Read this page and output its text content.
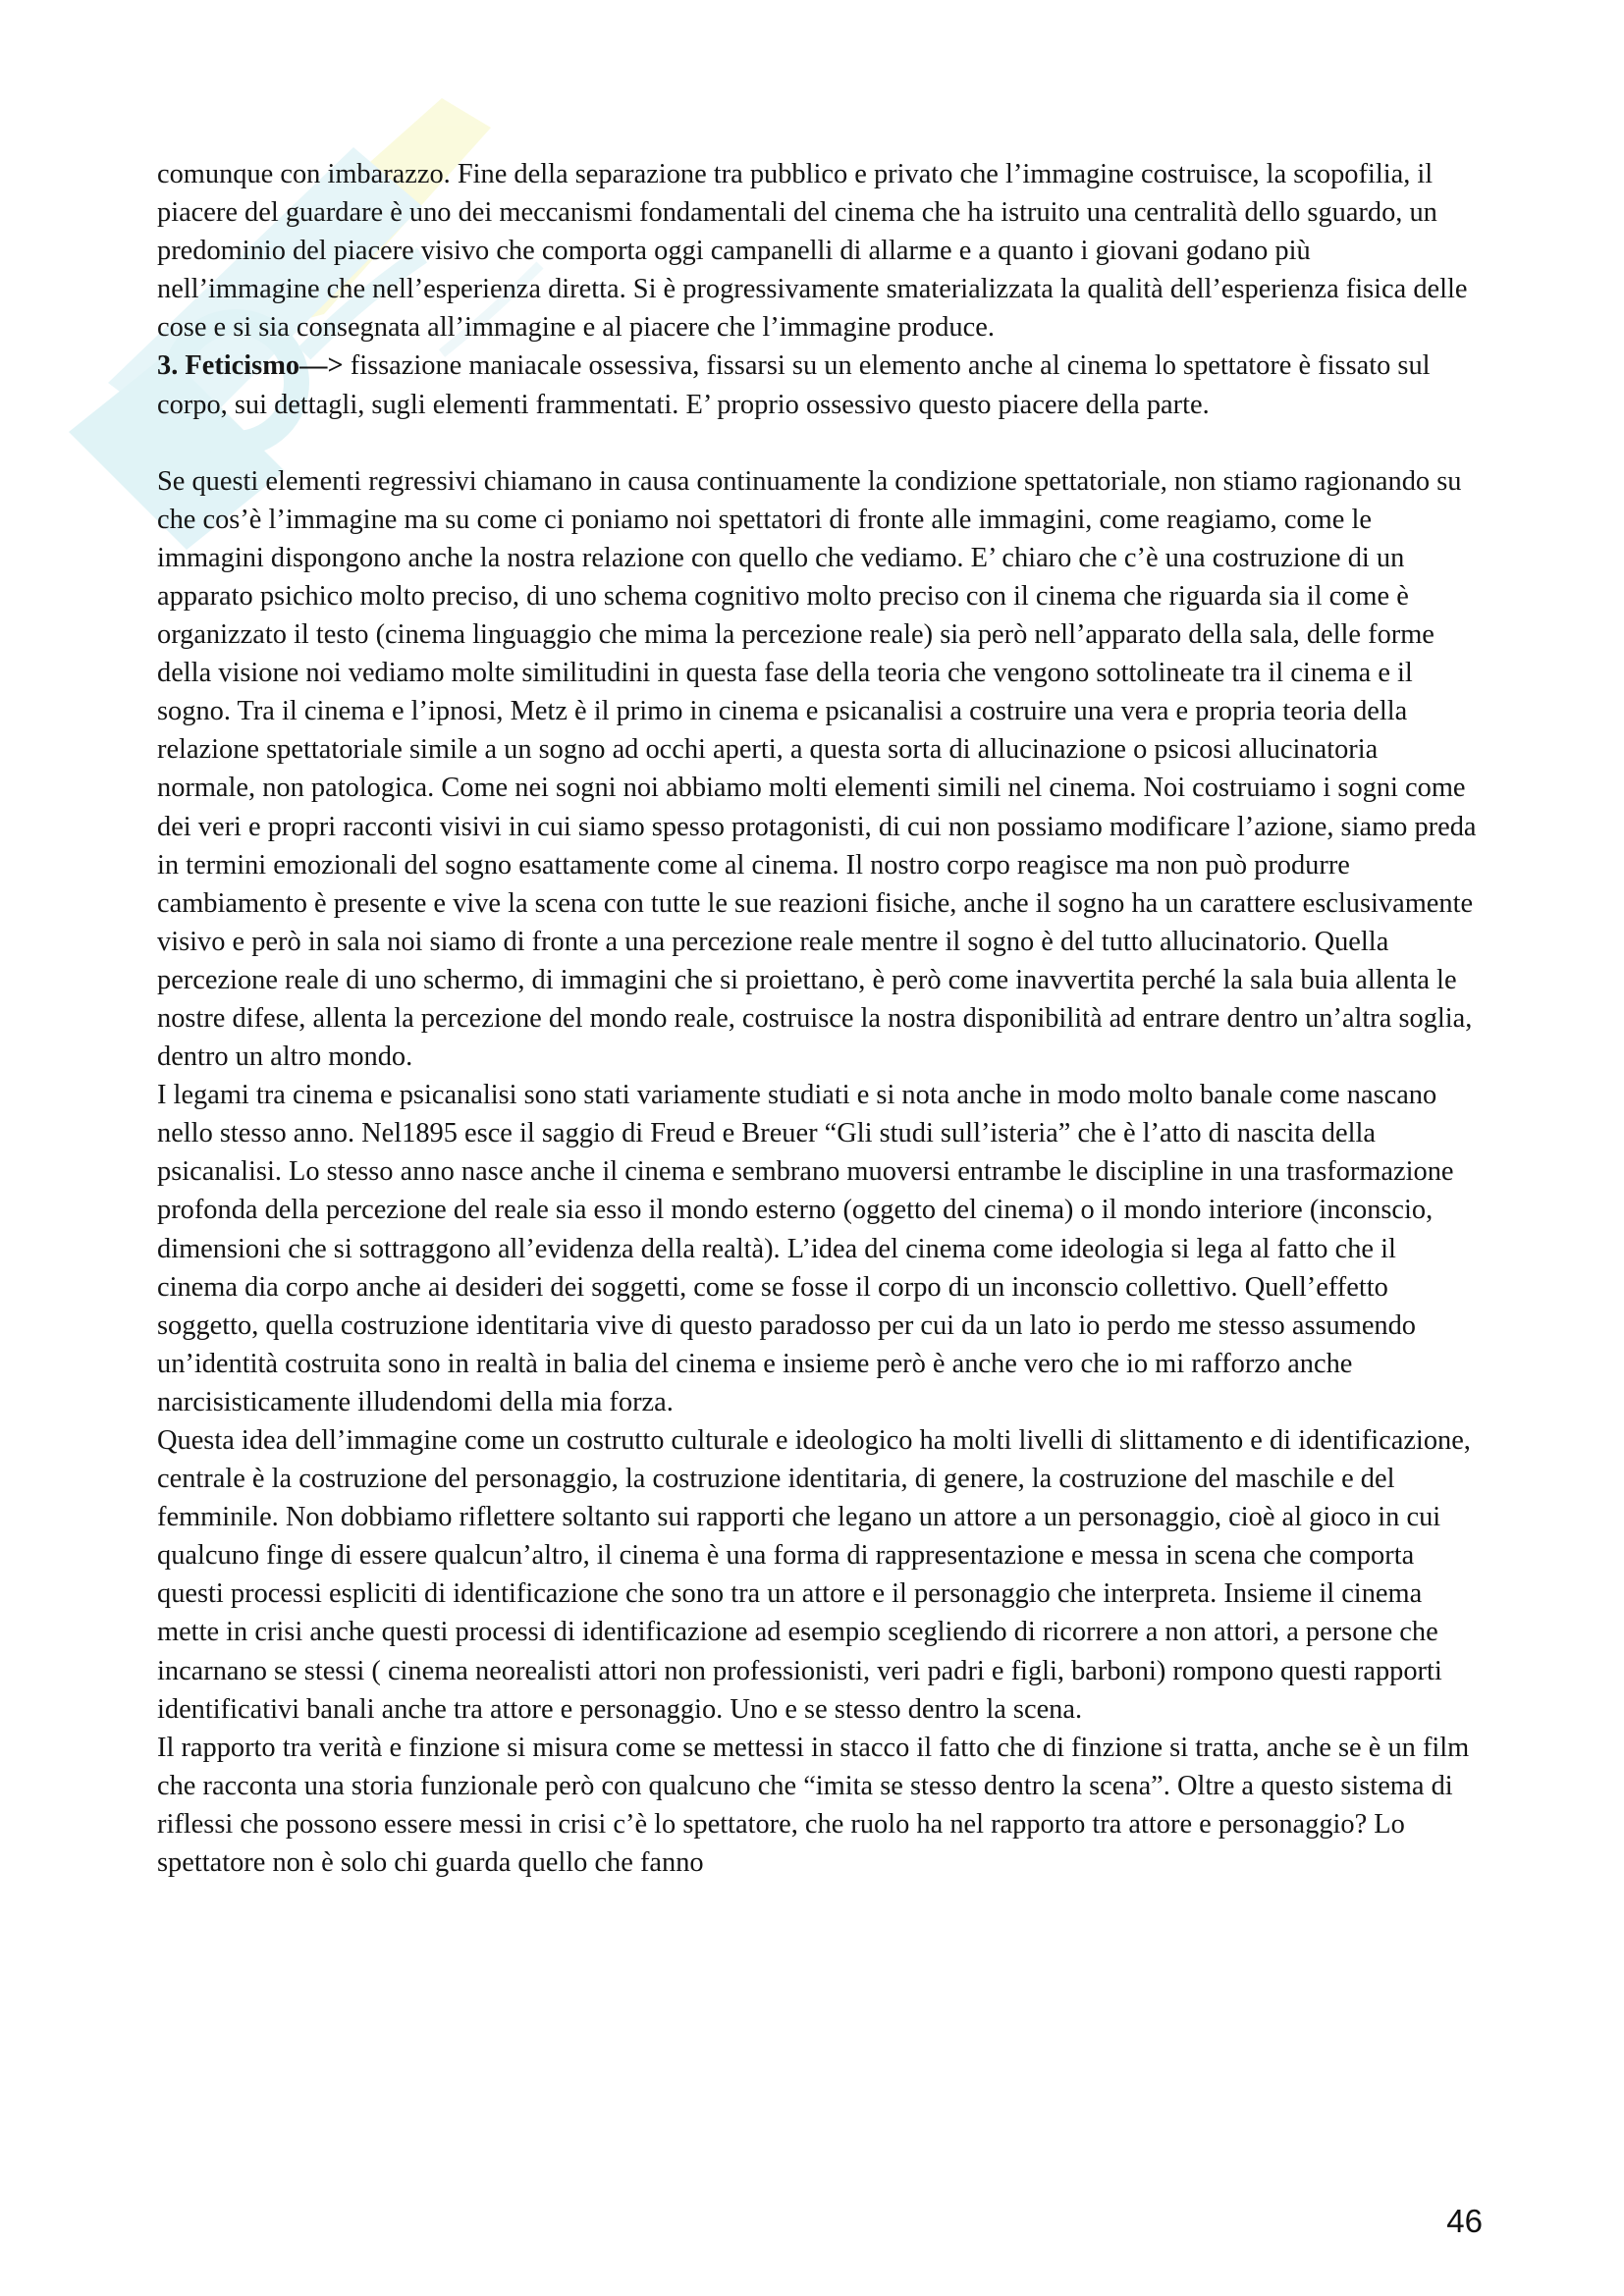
comunque con imbarazzo. Fine della separazione tra pubblico e privato che l’immagine costruisce, la scopofilia, il piacere del guardare è uno dei meccanismi fondamentali del cinema che ha istruito una centralità dello sguardo, un predominio del piacere visivo che comporta oggi campanelli di allarme e a quanto i giovani godano più nell’immagine che nell’esperienza diretta. Si è progressivamente smaterializzata la qualità dell’esperienza fisica delle cose e si sia consegnata all’immagine e al piacere che l’immagine produce.

3. Feticismo—> fissazione maniacale ossessiva, fissarsi su un elemento anche al cinema lo spettatore è fissato sul corpo, sui dettagli, sugli elementi frammentati. E’ proprio ossessivo questo piacere della parte.

Se questi elementi regressivi chiamano in causa continuamente la condizione spettatoriale, non stiamo ragionando su che cos’è l’immagine ma su come ci poniamo noi spettatori di fronte alle immagini, come reagiamo, come le immagini dispongono anche la nostra relazione con quello che vediamo. E’ chiaro che c’è una costruzione di un apparato psichico molto preciso, di uno schema cognitivo molto preciso con il cinema che riguarda sia il come è organizzato il testo (cinema linguaggio che mima la percezione reale) sia però nell’apparato della sala, delle forme della visione noi vediamo molte similitudini in questa fase della teoria che vengono sottolineate tra il cinema e il sogno. Tra il cinema e l’ipnosi, Metz è il primo in cinema e psicanalisi a costruire una vera e propria teoria della relazione spettatoriale simile a un sogno ad occhi aperti, a questa sorta di allucinazione o psicosi allucinatoria normale, non patologica. Come nei sogni noi abbiamo molti elementi simili nel cinema. Noi costruiamo i sogni come dei veri e propri racconti visivi in cui siamo spesso protagonisti, di cui non possiamo modificare l’azione, siamo preda in termini emozionali del sogno esattamente come al cinema. Il nostro corpo reagisce ma non può produrre cambiamento è presente e vive la scena con tutte le sue reazioni fisiche, anche il sogno ha un carattere esclusivamente visivo e però in sala noi siamo di fronte a una percezione reale mentre il sogno è del tutto allucinatorio. Quella percezione reale di uno schermo, di immagini che si proiettano, è però come inavvertita perché la sala buia allenta le nostre difese, allenta la percezione del mondo reale, costruisce la nostra disponibilità ad entrare dentro un’altra soglia, dentro un altro mondo.

I legami tra cinema e psicanalisi sono stati variamente studiati e si nota anche in modo molto banale come nascano nello stesso anno. Nel1895 esce il saggio di Freud e Breuer “Gli studi sull’isteria” che è l’atto di nascita della psicanalisi. Lo stesso anno nasce anche il cinema e sembrano muoversi entrambe le discipline in una trasformazione profonda della percezione del reale sia esso il mondo esterno (oggetto del cinema) o il mondo interiore (inconscio, dimensioni che si sottraggono all’evidenza della realtà). L’idea del cinema come ideologia si lega al fatto che il cinema dia corpo anche ai desideri dei soggetti, come se fosse il corpo di un inconscio collettivo. Quell’effetto soggetto, quella costruzione identitaria vive di questo paradosso per cui da un lato io perdo me stesso assumendo un’identità costruita sono in realtà in balia del cinema e insieme però è anche vero che io mi rafforzo anche narcisisticamente illudendomi della mia forza.

Questa idea dell’immagine come un costrutto culturale e ideologico ha molti livelli di slittamento e di identificazione, centrale è la costruzione del personaggio, la costruzione identitaria, di genere, la costruzione del maschile e del femminile. Non dobbiamo riflettere soltanto sui rapporti che legano un attore a un personaggio, cioè al gioco in cui qualcuno finge di essere qualcun’altro, il cinema è una forma di rappresentazione e messa in scena che comporta questi processi espliciti di identificazione che sono tra un attore e il personaggio che interpreta. Insieme il cinema mette in crisi anche questi processi di identificazione ad esempio scegliendo di ricorrere a non attori, a persone che incarnano se stessi ( cinema neorealisti attori non professionisti, veri padri e figli, barboni) rompono questi rapporti identificativi banali anche tra attore e personaggio. Uno e se stesso dentro la scena.

Il rapporto tra verità e finzione si misura come se mettessi in stacco il fatto che di finzione si tratta, anche se è un film che racconta una storia funzionale però con qualcuno che “imita se stesso dentro la scena”. Oltre a questo sistema di riflessi che possono essere messi in crisi c’è lo spettatore, che ruolo ha nel rapporto tra attore e personaggio? Lo spettatore non è solo chi guarda quello che fanno

46
